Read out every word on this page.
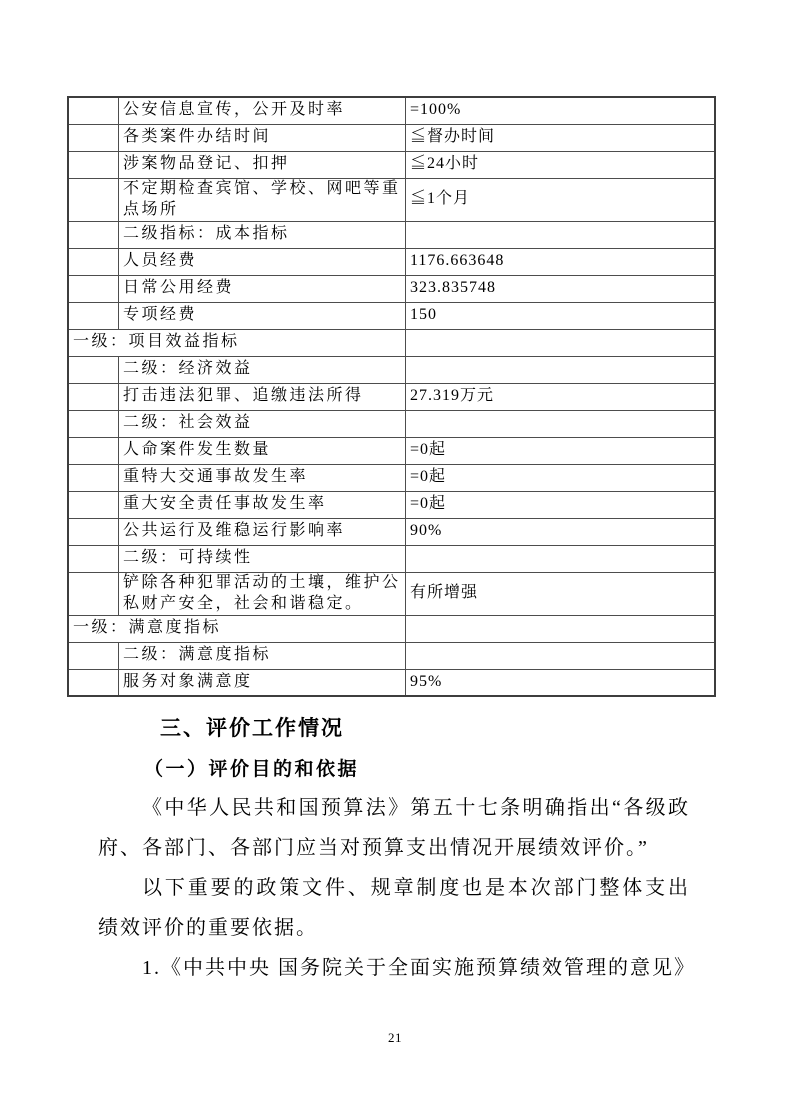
	公安信息宣传，公开及时率	=100%
	各类案件办结时间	≦督办时间
	涉案物品登记、扣押	≦24小时
	不定期检查宾馆、学校、网吧等重点场所	≦1个月
	二级指标：成本指标	
	人员经费	1176.663648
	日常公用经费	323.835748
	专项经费	150
一级：项目效益指标		
	二级：经济效益	
	打击违法犯罪、追缴违法所得	27.319万元
	二级：社会效益	
	人命案件发生数量	=0起
	重特大交通事故发生率	=0起
	重大安全责任事故发生率	=0起
	公共运行及维稳运行影响率	90%
	二级：可持续性	
	铲除各种犯罪活动的土壤，维护公私财产安全，社会和谐稳定。	有所增强
一级：满意度指标		
	二级：满意度指标	
	服务对象满意度	95%
三、评价工作情况
（一）评价目的和依据

《中华人民共和国预算法》第五十七条明确指出“各级政府、各部门、各部门应当对预算支出情况开展绩效评价。”

以下重要的政策文件、规章制度也是本次部门整体支出绩效评价的重要依据。

1.《中共中央 国务院关于全面实施预算绩效管理的意见》

21
